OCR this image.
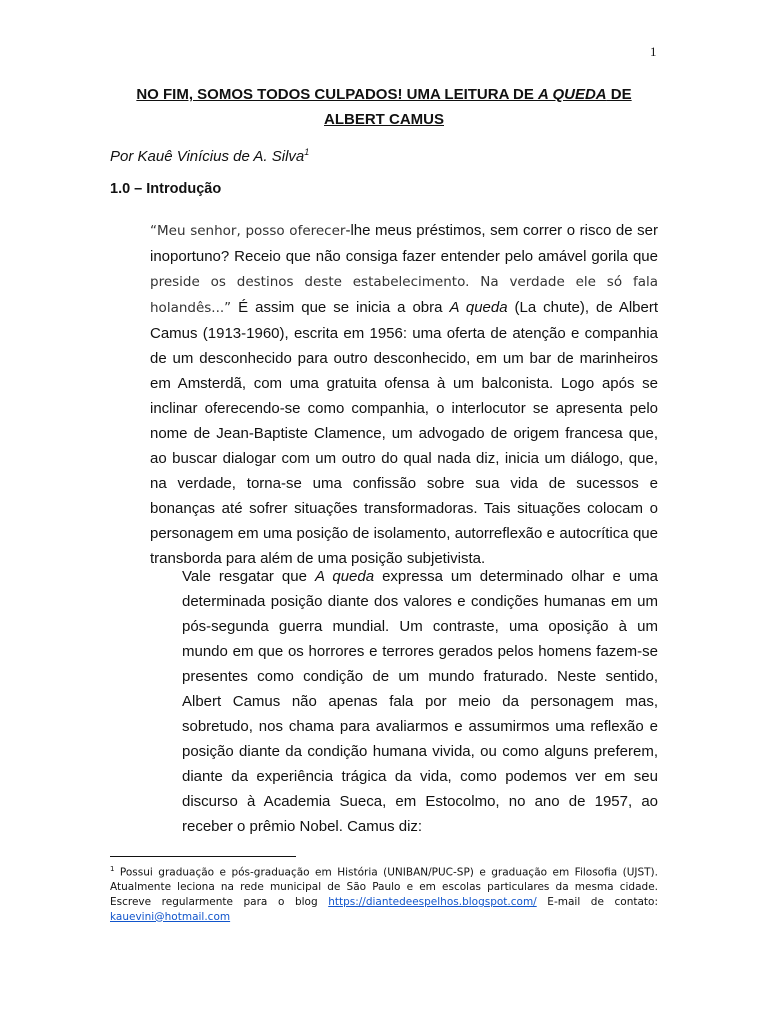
1
NO FIM, SOMOS TODOS CULPADOS! UMA LEITURA DE A QUEDA DE
ALBERT CAMUS
Por Kauê Vinícius de A. Silva$^1$
1.0 – Introdução

“Meu senhor, posso oferecer-lhe meus préstimos, sem correr o risco de ser inoportuno? Receio que não consiga fazer entender pelo amável gorila que preside os destinos deste estabelecimento. Na verdade ele só fala holandês...” É assim que se inicia a obra A queda (La chute), de Albert Camus (1913-1960), escrita em 1956: uma oferta de atenção e companhia de um desconhecido para outro desconhecido, em um bar de marinheiros em Amsterdã, com uma gratuita ofensa à um balconista. Logo após se inclinar oferecendo-se como companhia, o interlocutor se apresenta pelo nome de Jean-Baptiste Clamence, um advogado de origem francesa que, ao buscar dialogar com um outro do qual nada diz, inicia um diálogo, que, na verdade, torna-se uma confissão sobre sua vida de sucessos e bonanças até sofrer situações transformadoras. Tais situações colocam o personagem em uma posição de isolamento, autorreflexão e autocrítica que transborda para além de uma posição subjetivista.

Vale resgatar que A queda expressa um determinado olhar e uma determinada posição diante dos valores e condições humanas em um pós-segunda guerra mundial. Um contraste, uma oposição à um mundo em que os horrores e terrores gerados pelos homens fazem-se presentes como condição de um mundo fraturado. Neste sentido, Albert Camus não apenas fala por meio da personagem mas, sobretudo, nos chama para avaliarmos e assumirmos uma reflexão e posição diante da condição humana vivida, ou como alguns preferem, diante da experiência trágica da vida, como podemos ver em seu discurso à Academia Sueca, em Estocolmo, no ano de 1957, ao receber o prêmio Nobel. Camus diz:

$^1$ Possui graduação e pós-graduação em História (UNIBAN/PUC-SP) e graduação em Filosofia (UJST). Atualmente leciona na rede municipal de São Paulo e em escolas particulares da mesma cidade. Escreve regularmente para o blog https://diantedeespelhos.blogspot.com/ E-mail de contato: kauevini@hotmail.com
